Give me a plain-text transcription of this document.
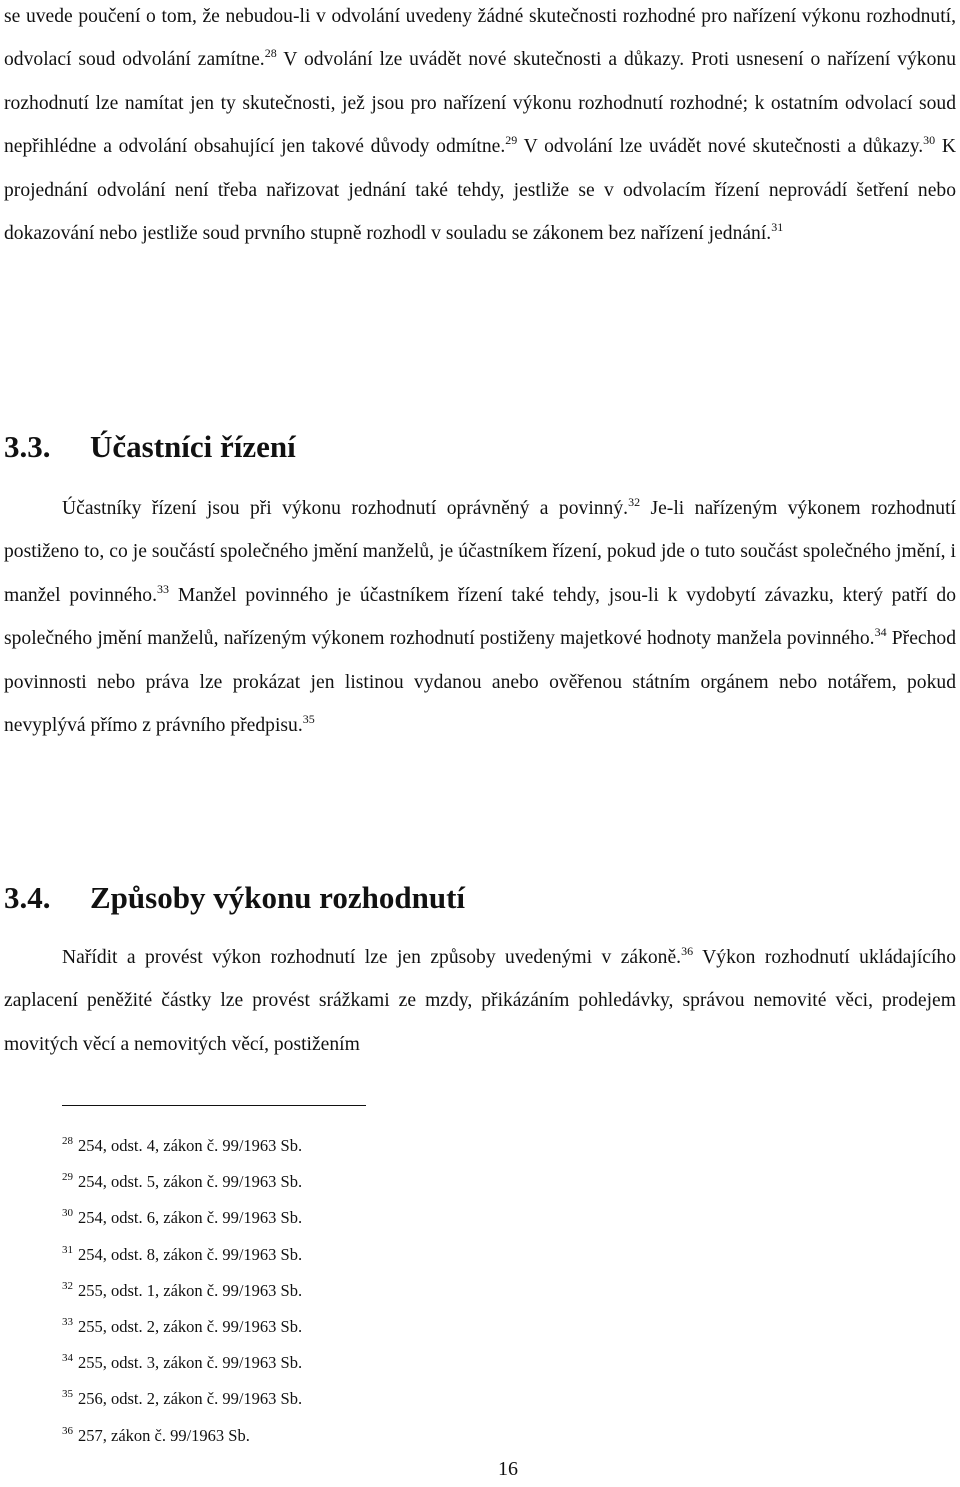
se uvede poučení o tom, že nebudou-li v odvolání uvedeny žádné skutečnosti rozhodné pro nařízení výkonu rozhodnutí, odvolací soud odvolání zamítne.$^{28}$ V odvolání lze uvádět nové skutečnosti a důkazy. Proti usnesení o nařízení výkonu rozhodnutí lze namítat jen ty skutečnosti, jež jsou pro nařízení výkonu rozhodnutí rozhodné; k ostatním odvolací soud nepřihlédne a odvolání obsahující jen takové důvody odmítne.$^{29}$ V odvolání lze uvádět nové skutečnosti a důkazy.$^{30}$ K projednání odvolání není třeba nařizovat jednání také tehdy, jestliže se v odvolacím řízení neprovádí šetření nebo dokazování nebo jestliže soud prvního stupně rozhodl v souladu se zákonem bez nařízení jednání.$^{31}$

3.3. Účastníci řízení

Účastníky řízení jsou při výkonu rozhodnutí oprávněný a povinný.$^{32}$ Je-li nařízeným výkonem rozhodnutí postiženo to, co je součástí společného jmění manželů, je účastníkem řízení, pokud jde o tuto součást společného jmění, i manžel povinného.$^{33}$ Manžel povinného je účastníkem řízení také tehdy, jsou-li k vydobytí závazku, který patří do společného jmění manželů, nařízeným výkonem rozhodnutí postiženy majetkové hodnoty manžela povinného.$^{34}$ Přechod povinnosti nebo práva lze prokázat jen listinou vydanou anebo ověřenou státním orgánem nebo notářem, pokud nevyplývá přímo z právního předpisu.$^{35}$

3.4. Způsoby výkonu rozhodnutí

Nařídit a provést výkon rozhodnutí lze jen způsoby uvedenými v zákoně.$^{36}$ Výkon rozhodnutí ukládajícího zaplacení peněžité částky lze provést srážkami ze mzdy, přikázáním pohledávky, správou nemovité věci, prodejem movitých věcí a nemovitých věcí, postižením

$^{28}$ 254, odst. 4, zákon č. 99/1963 Sb.
$^{29}$ 254, odst. 5, zákon č. 99/1963 Sb.
$^{30}$ 254, odst. 6, zákon č. 99/1963 Sb.
$^{31}$ 254, odst. 8, zákon č. 99/1963 Sb.
$^{32}$ 255, odst. 1, zákon č. 99/1963 Sb.
$^{33}$ 255, odst. 2, zákon č. 99/1963 Sb.
$^{34}$ 255, odst. 3, zákon č. 99/1963 Sb.
$^{35}$ 256, odst. 2, zákon č. 99/1963 Sb.
$^{36}$ 257, zákon č. 99/1963 Sb.
16
